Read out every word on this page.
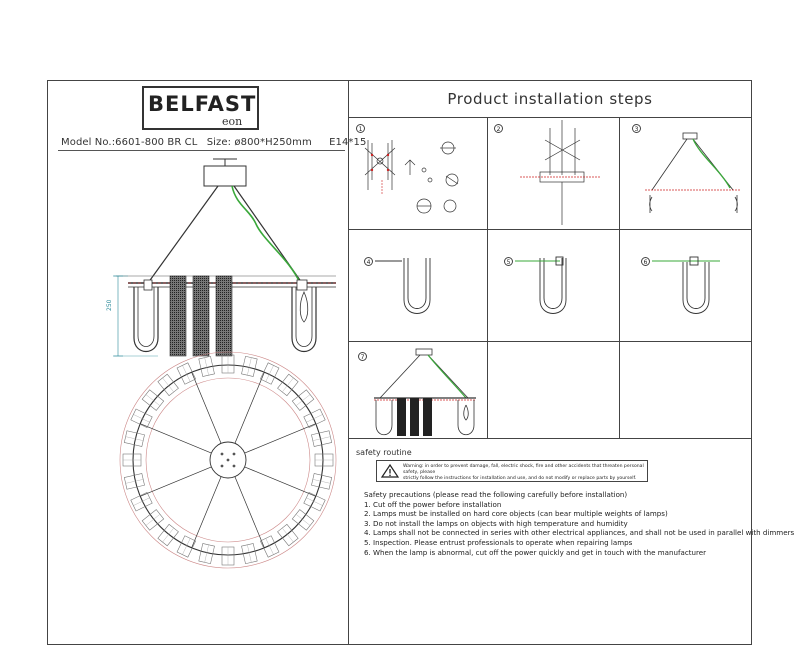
BELFAST
eon
Model No.:6601-800 BR CL Size: ø800*H250mm E14*15
250
Product installation steps
1	2	3
4	5	6
7
safety routine
Warning: in order to prevent damage, fall, electric shock, fire and other accidents that threaten personal safety, please
strictly follow the instructions for installation and use, and do not modify or replace parts by yourself.
Safety precautions (please read the following carefully before installation)
1. Cut off the power before installation
2. Lamps must be installed on hard core objects (can bear multiple weights of lamps)
3. Do not install the lamps on objects with high temperature and humidity
4. Lamps shall not be connected in series with other electrical appliances, and shall not be used in parallel with dimmers
5. Inspection. Please entrust professionals to operate when repairing lamps
6. When the lamp is abnormal, cut off the power quickly and get in touch with the manufacturer
